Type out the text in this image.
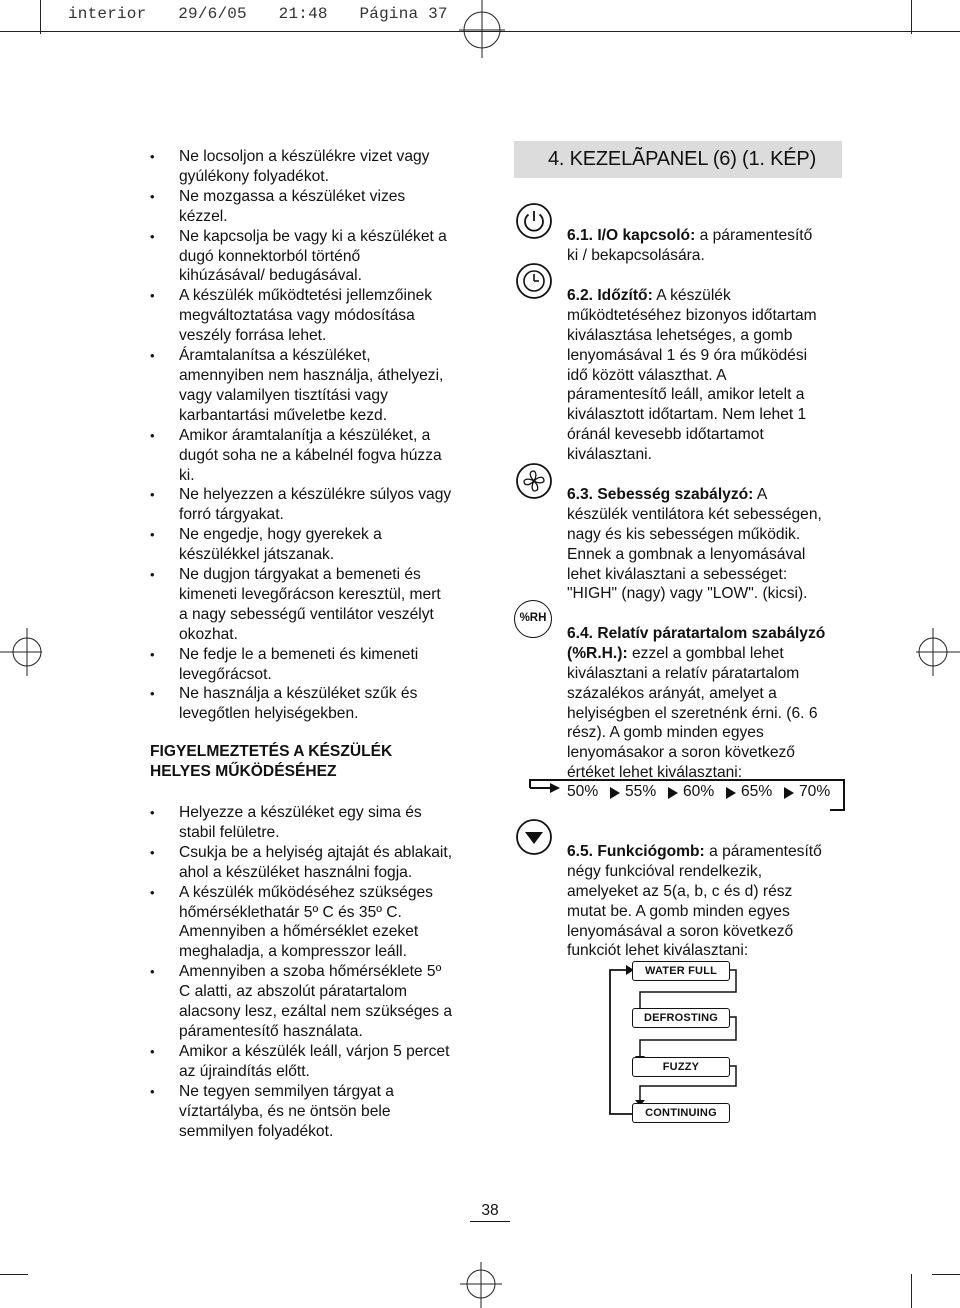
interior 29/6/05 21:48 Página 37
• Ne locsoljon a készülékre vizet vagy
gyúlékony folyadékot.
• Ne mozgassa a készüléket vizes
kézzel.
• Ne kapcsolja be vagy ki a készüléket a
dugó konnektorból történő
kihúzásával/ bedugásával.
• A készülék működtetési jellemzőinek
megváltoztatása vagy módosítása
veszély forrása lehet.
• Áramtalanítsa a készüléket,
amennyiben nem használja, áthelyezi,
vagy valamilyen tisztítási vagy
karbantartási műveletbe kezd.
• Amikor áramtalanítja a készüléket, a
dugót soha ne a kábelnél fogva húzza
ki.
• Ne helyezzen a készülékre súlyos vagy
forró tárgyakat.
• Ne engedje, hogy gyerekek a
készülékkel játszanak.
• Ne dugjon tárgyakat a bemeneti és
kimeneti levegőrácson keresztül, mert
a nagy sebességű ventilátor veszélyt
okozhat.
• Ne fedje le a bemeneti és kimeneti
levegőrácsot.
• Ne használja a készüléket szűk és
levegőtlen helyiségekben.
FIGYELMEZTETÉS A KÉSZÜLÉK
HELYES MŰKÖDÉSÉHEZ
• Helyezze a készüléket egy sima és
stabil felületre.
• Csukja be a helyiség ajtaját és ablakait,
ahol a készüléket használni fogja.
• A készülék működéséhez szükséges
hőmérséklethatár 5º C és 35º C.
Amennyiben a hőmérséklet ezeket
meghaladja, a kompresszor leáll.
• Amennyiben a szoba hőmérséklete 5º
C alatti, az abszolút páratartalom
alacsony lesz, ezáltal nem szükséges a
páramentesítő használata.
• Amikor a készülék leáll, várjon 5 percet
az újraindítás előtt.
• Ne tegyen semmilyen tárgyat a
víztartályba, és ne öntsön bele
semmilyen folyadékot.
4. KEZELÃPANEL (6) (1. KÉP)
%RH

6.1. I/O kapcsoló: a páramentesítő
ki / bekapcsolására.

6.2. Időzítő: A készülék
működtetéséhez bizonyos időtartam
kiválasztása lehetséges, a gomb
lenyomásával 1 és 9 óra működési
idő között választhat. A
páramentesítő leáll, amikor letelt a
kiválasztott időtartam. Nem lehet 1
óránál kevesebb időtartamot
kiválasztani.

6.3. Sebesség szabályzó: A
készülék ventilátora két sebességen,
nagy és kis sebességen működik.
Ennek a gombnak a lenyomásával
lehet kiválasztani a sebességet:
"HIGH" (nagy) vagy "LOW". (kicsi).

6.4. Relatív páratartalom szabályzó
(%R.H.): ezzel a gombbal lehet
kiválasztani a relatív páratartalom
százalékos arányát, amelyet a
helyiségben el szeretnénk érni. (6. 6
rész). A gomb minden egyes
lenyomásakor a soron következő
értéket lehet kiválasztani:

50% 55% 60% 65% 70%

6.5. Funkciógomb: a páramentesítő
négy funkcióval rendelkezik,
amelyeket az 5(a, b, c és d) rész
mutat be. A gomb minden egyes
lenyomásával a soron következő
funkciót lehet kiválasztani:

WATER FULL
DEFROSTING
FUZZY
CONTINUING
38
